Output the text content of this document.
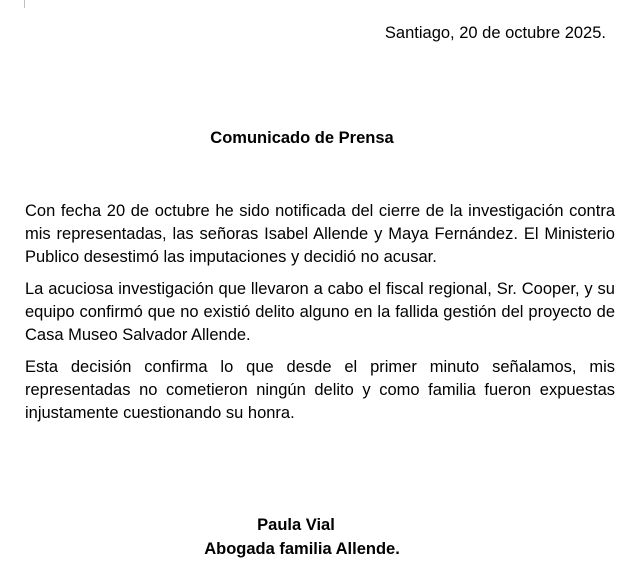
Santiago, 20 de octubre 2025.
Comunicado de Prensa

Con fecha 20 de octubre he sido notificada del cierre de la investigación contra mis representadas, las señoras Isabel Allende y Maya Fernández. El Ministerio Publico desestimó las imputaciones y decidió no acusar.

La acuciosa investigación que llevaron a cabo el fiscal regional, Sr. Cooper, y su equipo confirmó que no existió delito alguno en la fallida gestión del proyecto de Casa Museo Salvador Allende.

Esta decisión confirma lo que desde el primer minuto señalamos, mis representadas no cometieron ningún delito y como familia fueron expuestas injustamente cuestionando su honra.

Paula Vial
Abogada familia Allende.
